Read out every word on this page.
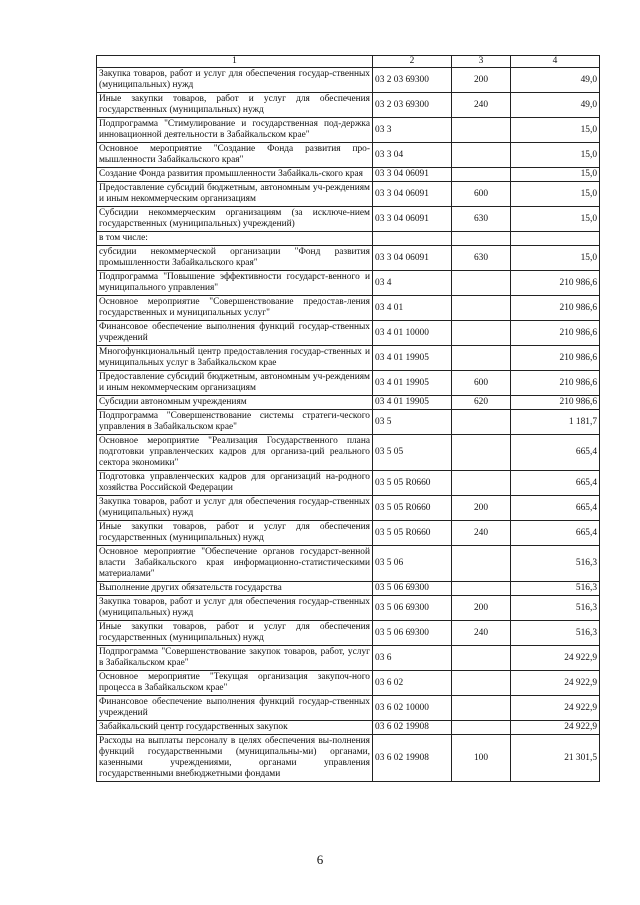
1	2	3	4
Закупка товаров, работ и услуг для обеспечения государ-ственных (муниципальных) нужд	03 2 03 69300	200	49,0
Иные закупки товаров, работ и услуг для обеспечения государственных (муниципальных) нужд	03 2 03 69300	240	49,0
Подпрограмма "Стимулирование и государственная под-держка инновационной деятельности в Забайкальском крае"	03 3		15,0
Основное мероприятие "Создание Фонда развития про-мышленности Забайкальского края"	03 3 04		15,0
Создание Фонда развития промышленности Забайкаль-ского края	03 3 04 06091		15,0
Предоставление субсидий бюджетным, автономным уч-реждениям и иным некоммерческим организациям	03 3 04 06091	600	15,0
Субсидии некоммерческим организациям (за исключе-нием государственных (муниципальных) учреждений)	03 3 04 06091	630	15,0
в том числе:			
субсидии некоммерческой организации "Фонд развития промышленности Забайкальского края"	03 3 04 06091	630	15,0
Подпрограмма "Повышение эффективности государст-венного и муниципального управления"	03 4		210 986,6
Основное мероприятие "Совершенствование предостав-ления государственных и муниципальных услуг"	03 4 01		210 986,6
Финансовое обеспечение выполнения функций государ-ственных учреждений	03 4 01 10000		210 986,6
Многофункциональный центр предоставления государ-ственных и муниципальных услуг в Забайкальском крае	03 4 01 19905		210 986,6
Предоставление субсидий бюджетным, автономным уч-реждениям и иным некоммерческим организациям	03 4 01 19905	600	210 986,6
Субсидии автономным учреждениям	03 4 01 19905	620	210 986,6
Подпрограмма "Совершенствование системы стратеги-ческого управления в Забайкальском крае"	03 5		1 181,7
Основное мероприятие "Реализация Государственного плана подготовки управленческих кадров для организа-ций реального сектора экономики"	03 5 05		665,4
Подготовка управленческих кадров для организаций на-родного хозяйства Российской Федерации	03 5 05 R0660		665,4
Закупка товаров, работ и услуг для обеспечения государ-ственных (муниципальных) нужд	03 5 05 R0660	200	665,4
Иные закупки товаров, работ и услуг для обеспечения государственных (муниципальных) нужд	03 5 05 R0660	240	665,4
Основное мероприятие "Обеспечение органов государст-венной власти Забайкальского края информационно-статистическими материалами"	03 5 06		516,3
Выполнение других обязательств государства	03 5 06 69300		516,3
Закупка товаров, работ и услуг для обеспечения государ-ственных (муниципальных) нужд	03 5 06 69300	200	516,3
Иные закупки товаров, работ и услуг для обеспечения государственных (муниципальных) нужд	03 5 06 69300	240	516,3
Подпрограмма "Совершенствование закупок товаров, работ, услуг в Забайкальском крае"	03 6		24 922,9
Основное мероприятие "Текущая организация закупоч-ного процесса в Забайкальском крае"	03 6 02		24 922,9
Финансовое обеспечение выполнения функций государ-ственных учреждений	03 6 02 10000		24 922,9
Забайкальский центр государственных закупок	03 6 02 19908		24 922,9
Расходы на выплаты персоналу в целях обеспечения вы-полнения функций государственными (муниципальны-ми) органами, казенными учреждениями, органами управления государственными внебюджетными фондами	03 6 02 19908	100	21 301,5
6
